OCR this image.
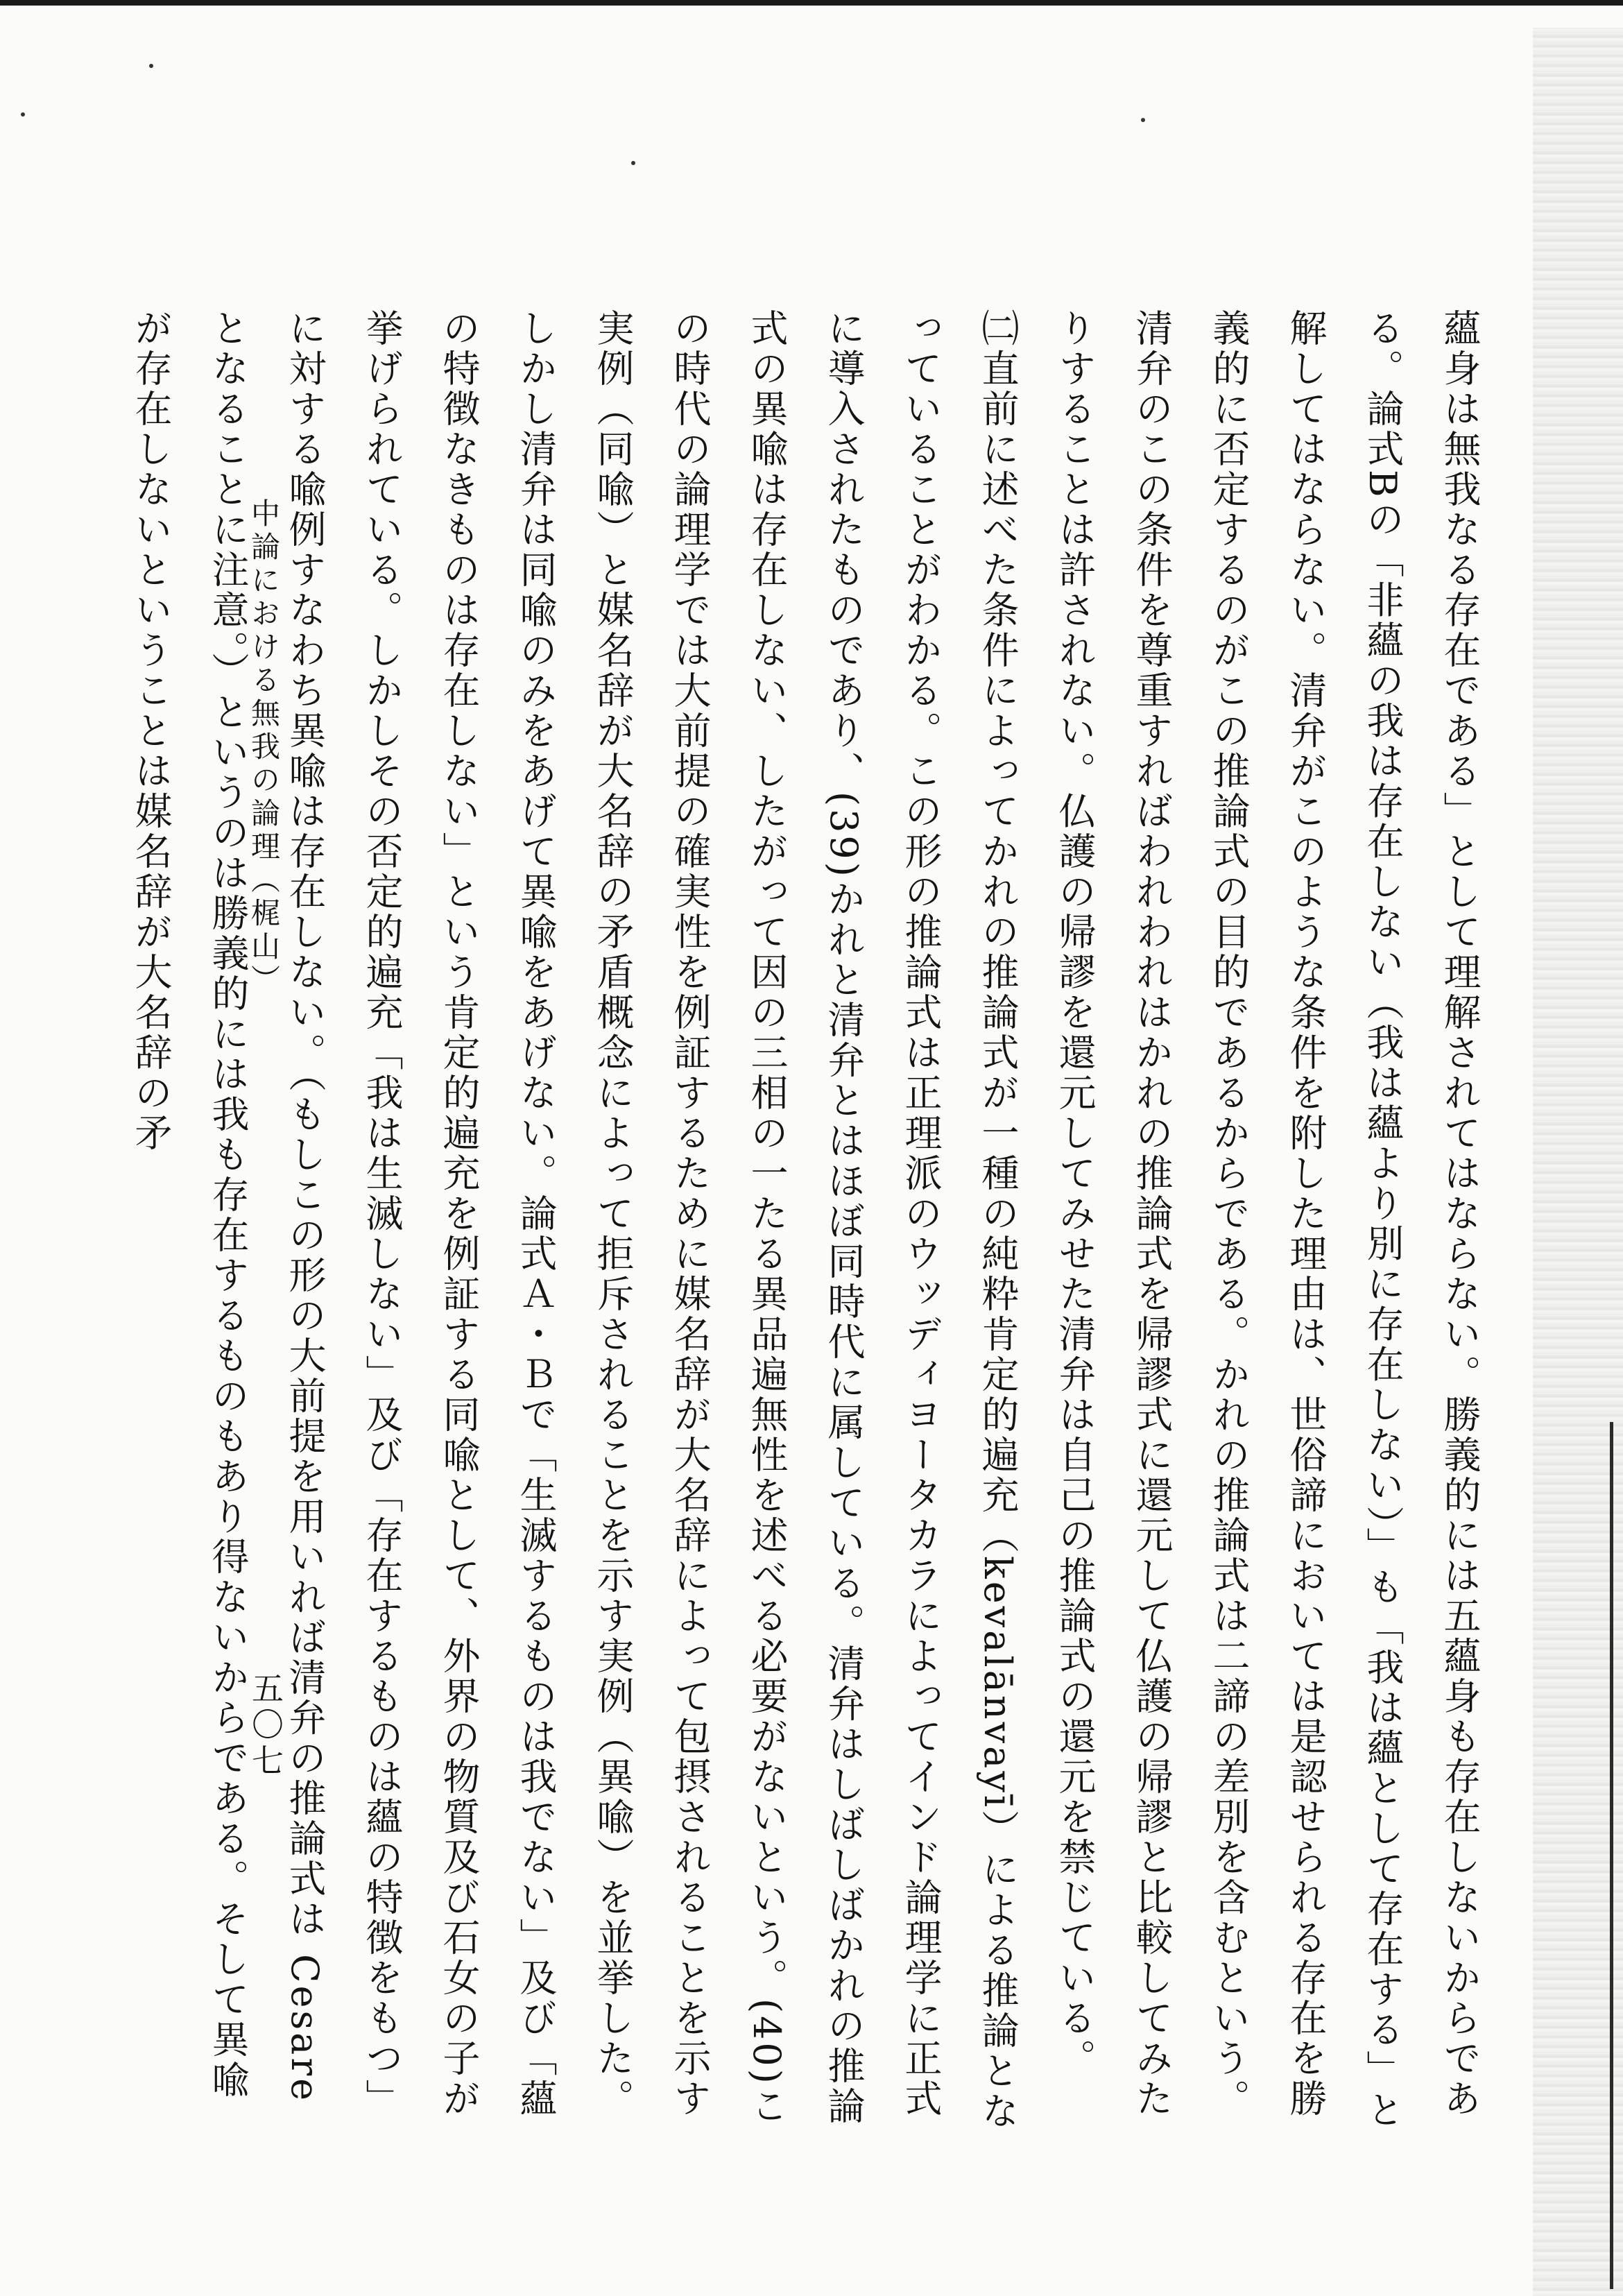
蘊身は無我なる存在である」として理解されてはならない。勝義的には五蘊身も存在しないからである。論式Bの「非蘊の我は存在しない（我は蘊より別に存在しない）」も「我は蘊として存在する」と解してはならない。清弁がこのような条件を附した理由は、世俗諦においては是認せられる存在を勝義的に否定するのがこの推論式の目的であるからである。かれの推論式は二諦の差別を含むという。清弁のこの条件を尊重すればわれわれはかれの推論式を帰謬式に還元して仏護の帰謬と比較してみたりすることは許されない。仏護の帰謬を還元してみせた清弁は自己の推論式の還元を禁じている。

㈡直前に述べた条件によってかれの推論式が一種の純粋肯定的遍充（kevalānvayī）による推論となっていることがわかる。この形の推論式は正理派のウッディヨータカラによってインド論理学に正式に導入されたものであり、(39)かれと清弁とはほぼ同時代に属している。清弁はしばしばかれの推論式の異喩は存在しない、したがって因の三相の一たる異品遍無性を述べる必要がないという。(40)この時代の論理学では大前提の確実性を例証するために媒名辞が大名辞によって包摂されることを示す実例（同喩）と媒名辞が大名辞の矛盾概念によって拒斥されることを示す実例（異喩）を並挙した。しかし清弁は同喩のみをあげて異喩をあげない。論式Ａ・Ｂで「生滅するものは我でない」及び「蘊の特徴なきものは存在しない」という肯定的遍充を例証する同喩として、外界の物質及び石女の子が挙げられている。しかしその否定的遍充「我は生滅しない」及び「存在するものは蘊の特徴をもつ」に対する喩例すなわち異喩は存在しない。（もしこの形の大前提を用いれば清弁の推論式は Cesare となることに注意。）というのは勝義的には我も存在するものもあり得ないからである。そして異喩が存在しないということは媒名辞が大名辞の矛	中論における無我の論理（梶山）
五〇七
